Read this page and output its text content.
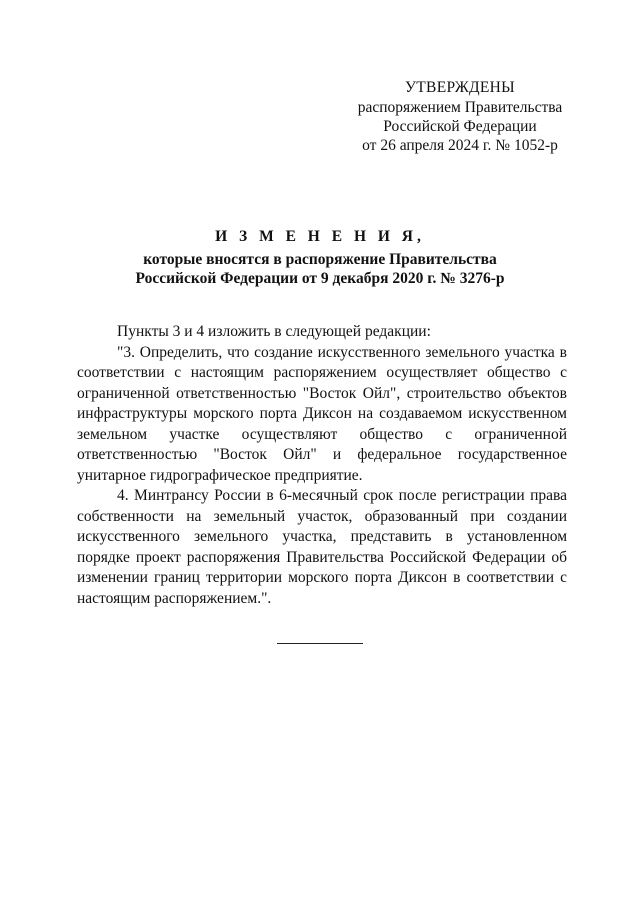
УТВЕРЖДЕНЫ
распоряжением Правительства
Российской Федерации
от 26 апреля 2024 г. № 1052-р
И З М Е Н Е Н И Я,
которые вносятся в распоряжение Правительства
Российской Федерации от 9 декабря 2020 г. № 3276-р

Пункты 3 и 4 изложить в следующей редакции:

"3. Определить, что создание искусственного земельного участка в соответствии с настоящим распоряжением осуществляет общество с ограниченной ответственностью "Восток Ойл", строительство объектов инфраструктуры морского порта Диксон на создаваемом искусственном земельном участке осуществляют общество с ограниченной ответственностью "Восток Ойл" и федеральное государственное унитарное гидрографическое предприятие.

4. Минтрансу России в 6-месячный срок после регистрации права собственности на земельный участок, образованный при создании искусственного земельного участка, представить в установленном порядке проект распоряжения Правительства Российской Федерации об изменении границ территории морского порта Диксон в соответствии с настоящим распоряжением.".
